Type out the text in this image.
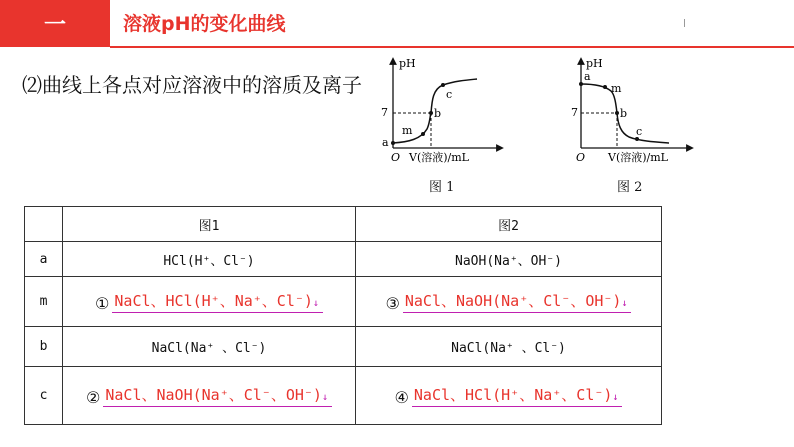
一	溶液pH的变化曲线
⑵曲线上各点对应溶液中的溶质及离子
pH
O V(溶液)/mL
7
a
m
b
c
图 1
pH
O V(溶液)/mL
7
a
m
b
c
图 2
	图1	图2
a	HCl(H⁺、Cl⁻)	NaOH(Na⁺、OH⁻)
m	① NaCl、HCl(H⁺、Na⁺、Cl⁻)↓	③ NaCl、NaOH(Na⁺、Cl⁻、OH⁻)↓

b	NaCl(Na⁺ 、Cl⁻)	NaCl(Na⁺ 、Cl⁻)
c	② NaCl、NaOH(Na⁺、Cl⁻、OH⁻)↓	④ NaCl、HCl(H⁺、Na⁺、Cl⁻)↓
